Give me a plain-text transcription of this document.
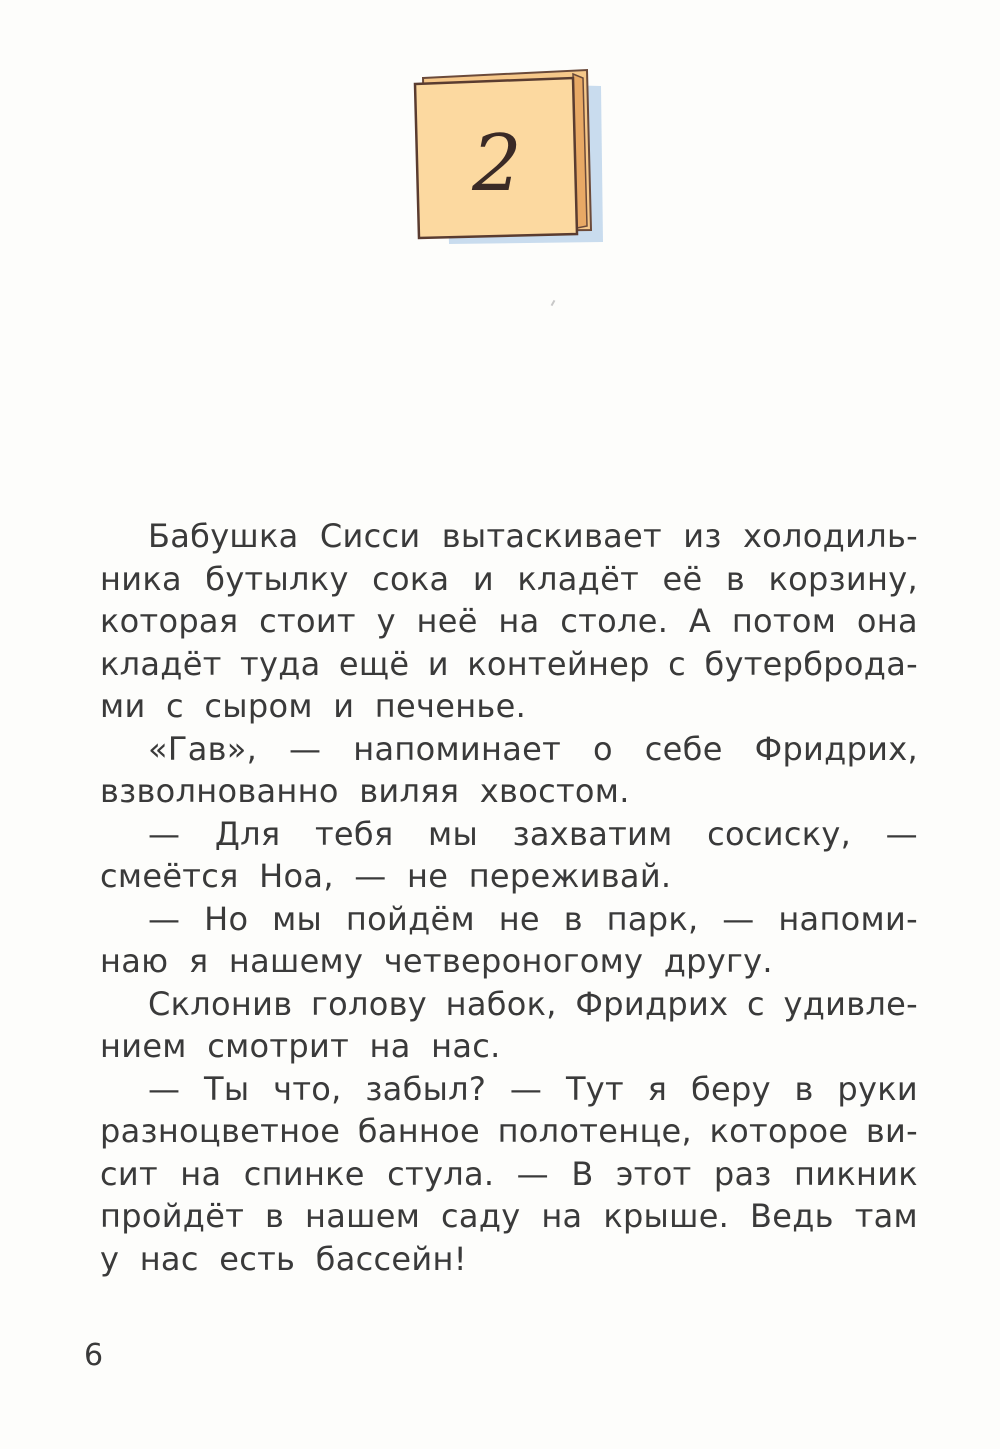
2
Бабушка Сисси вытаскивает из холодиль-
ника бутылку сока и кладёт её в корзину,
которая стоит у неё на столе. А потом она
кладёт туда ещё и контейнер с бутерброда-
ми с сыром и печенье.
«Гав», — напоминает о себе Фридрих,
взволнованно виляя хвостом.
— Для тебя мы захватим сосиску, —
смеётся Ноа, — не переживай.
— Но мы пойдём не в парк, — напоми-
наю я нашему четвероногому другу.
Склонив голову набок, Фридрих с удивле-
нием смотрит на нас.
— Ты что, забыл? — Тут я беру в руки
разноцветное банное полотенце, которое ви-
сит на спинке стула. — В этот раз пикник
пройдёт в нашем саду на крыше. Ведь там
у нас есть бассейн!
6
